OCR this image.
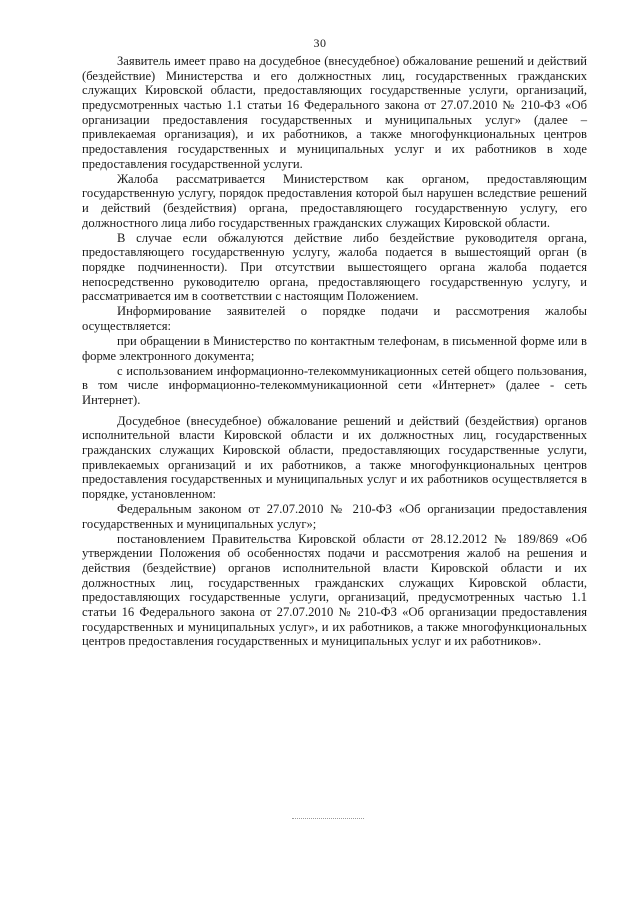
30

Заявитель имеет право на досудебное (внесудебное) обжалование решений и действий (бездействие) Министерства и его должностных лиц, государственных гражданских служащих Кировской области, предоставляющих государственные услуги, организаций, предусмотренных частью 1.1 статьи 16 Федерального закона от 27.07.2010 № 210-ФЗ «Об организации предоставления государственных и муниципальных услуг» (далее – привлекаемая организация), и их работников, а также многофункциональных центров предоставления государственных и муниципальных услуг и их работников в ходе предоставления государственной услуги.

Жалоба рассматривается Министерством как органом, предоставляющим государственную услугу, порядок предоставления которой был нарушен вследствие решений и действий (бездействия) органа, предоставляющего государственную услугу, его должностного лица либо государственных гражданских служащих Кировской области.

В случае если обжалуются действие либо бездействие руководителя органа, предоставляющего государственную услугу, жалоба подается в вышестоящий орган (в порядке подчиненности). При отсутствии вышестоящего органа жалоба подается непосредственно руководителю органа, предоставляющего государственную услугу, и рассматривается им в соответствии с настоящим Положением.

Информирование заявителей о порядке подачи и рассмотрения жалобы осуществляется:

при обращении в Министерство по контактным телефонам, в письменной форме или в форме электронного документа;

с использованием информационно-телекоммуникационных сетей общего пользования, в том числе информационно-телекоммуникационной сети «Интернет» (далее - сеть Интернет).

Досудебное (внесудебное) обжалование решений и действий (бездействия) органов исполнительной власти Кировской области и их должностных лиц, государственных гражданских служащих Кировской области, предоставляющих государственные услуги, привлекаемых организаций и их работников, а также многофункциональных центров предоставления государственных и муниципальных услуг и их работников осуществляется в порядке, установленном:

Федеральным законом от 27.07.2010 № 210-ФЗ «Об организации предоставления государственных и муниципальных услуг»;

постановлением Правительства Кировской области от 28.12.2012 № 189/869 «Об утверждении Положения об особенностях подачи и рассмотрения жалоб на решения и действия (бездействие) органов исполнительной власти Кировской области и их должностных лиц, государственных гражданских служащих Кировской области, предоставляющих государственные услуги, организаций, предусмотренных частью 1.1 статьи 16 Федерального закона от 27.07.2010 № 210-ФЗ «Об организации предоставления государственных и муниципальных услуг», и их работников, а также многофункциональных центров предоставления государственных и муниципальных услуг и их работников».
